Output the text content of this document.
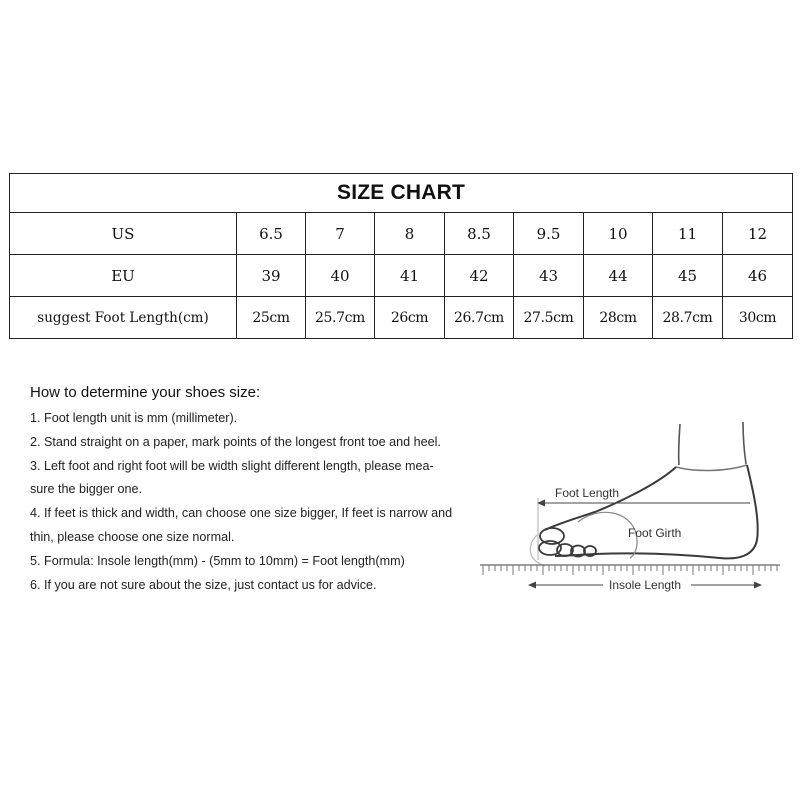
SIZE CHART								
US	6.5	7	8	8.5	9.5	10	11	12
EU	39	40	41	42	43	44	45	46
suggest Foot Length(cm)	25cm	25.7cm	26cm	26.7cm	27.5cm	28cm	28.7cm	30cm
How to determine your shoes size:
1. Foot length unit is mm (millimeter).
2. Stand straight on a paper, mark points of the longest front toe and heel.
3. Left foot and right foot will be width slight different length, please mea-
sure the bigger one.
4. If feet is thick and width, can choose one size bigger, If feet is narrow and
thin, please choose one size normal.
5. Formula: Insole length(mm) - (5mm to 10mm) = Foot length(mm)
6. If you are not sure about the size, just contact us for advice.
Foot Length
Foot Girth
Insole Length
